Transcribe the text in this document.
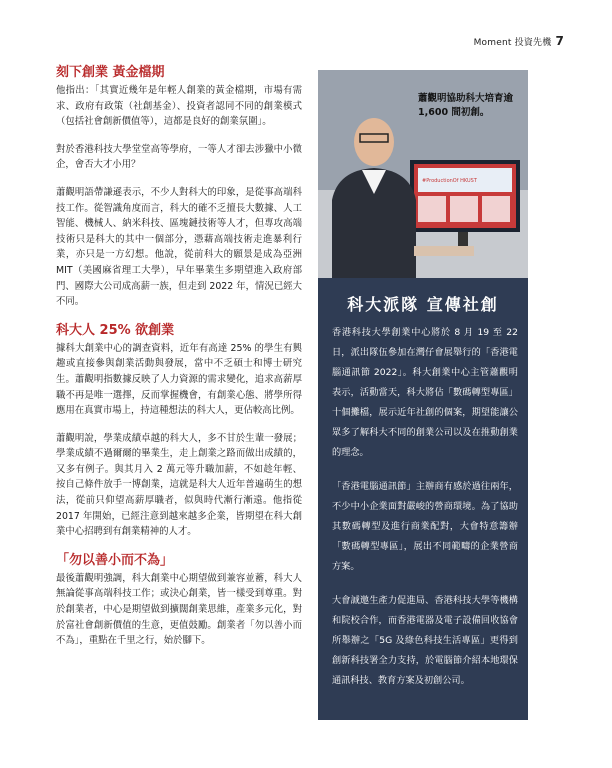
Moment 投資先機 7
刻下創業 黃金檔期

他指出：「其實近幾年是年輕人創業的黃金檔期，市場有需求、政府有政策（社創基金）、投資者認同不同的創業模式（包括社會創新價值等），這都是良好的創業氛圍」。

對於香港科技大學堂堂高等學府，一等人才卻去涉獵中小微企，會否大才小用？

蕭觀明語帶謙遜表示，不少人對科大的印象，是從事高端科技工作。從智識角度而言，科大的確不乏擅長大數據、人工智能、機械人、納米科技、區塊鏈技術等人才，但專攻高端技術只是科大的其中一個部分，憑藉高端技術走進暴利行業，亦只是一方幻想。他說，從前科大的願景是成為亞洲 MIT（美國麻省理工大學），早年畢業生多期望進入政府部門、國際大公司成高薪一族，但走到 2022 年，情況已經大不同。

科大人 25% 欲創業

據科大創業中心的調查資料，近年有高達 25% 的學生有興趣或直接參與創業活動與發展，當中不乏碩士和博士研究生。蕭觀明指數據反映了人力資源的需求變化，追求高薪厚職不再是唯一選擇，反而掌握機會，有創業心態、將學所得應用在真實市場上，持這種想法的科大人，更佔較高比例。

蕭觀明說，學業成績卓越的科大人，多不甘於生輩一發展；學業成績不過爾爾的畢業生，走上創業之路而做出成績的，又多有例子。與其月入 2 萬元等升職加薪，不如趁年輕、按自己條件放手一博創業，這就是科大人近年普遍萌生的想法，從前只仰望高薪厚職者，似與時代漸行漸遠。他指從 2017 年開始，已經注意到越來越多企業，皆期望在科大創業中心招聘到有創業精神的人才。

「勿以善小而不為」

最後蕭觀明強調，科大創業中心期望做到兼容並蓄，科大人無論從事高端科技工作；或決心創業，皆一樣受到尊重。對於創業者，中心是期望做到擴闊創業思維，產業多元化，對於富社會創新價值的生意，更值鼓勵。創業者「勿以善小而不為」，重點在千里之行，始於腳下。

#ProductionOf HKUST
蕭觀明協助科大培育逾 1,600 間初創。
科大派隊 宣傳社創

香港科技大學創業中心將於 8 月 19 至 22 日，派出隊伍參加在灣仔會展舉行的「香港電腦通訊節 2022」。科大創業中心主管蕭觀明表示，活動當天，科大將佔「數碼轉型專區」十個攤檔，展示近年社創的個案，期望能讓公眾多了解科大不同的創業公司以及在推動創業的理念。

「香港電腦通訊節」主辦商有感於過往兩年，不少中小企業面對嚴峻的營商環境。為了協助其數碼轉型及進行商業配對，大會特意籌辦「數碼轉型專區」，展出不同範疇的企業營商方案。

大會誠邀生產力促進局、香港科技大學等機構和院校合作，而香港電器及電子設備回收協會所舉辦之「5G 及綠色科技生活專區」更得到創新科技署全力支持，於電腦節介紹本地環保通訊科技、教育方案及初創公司。
